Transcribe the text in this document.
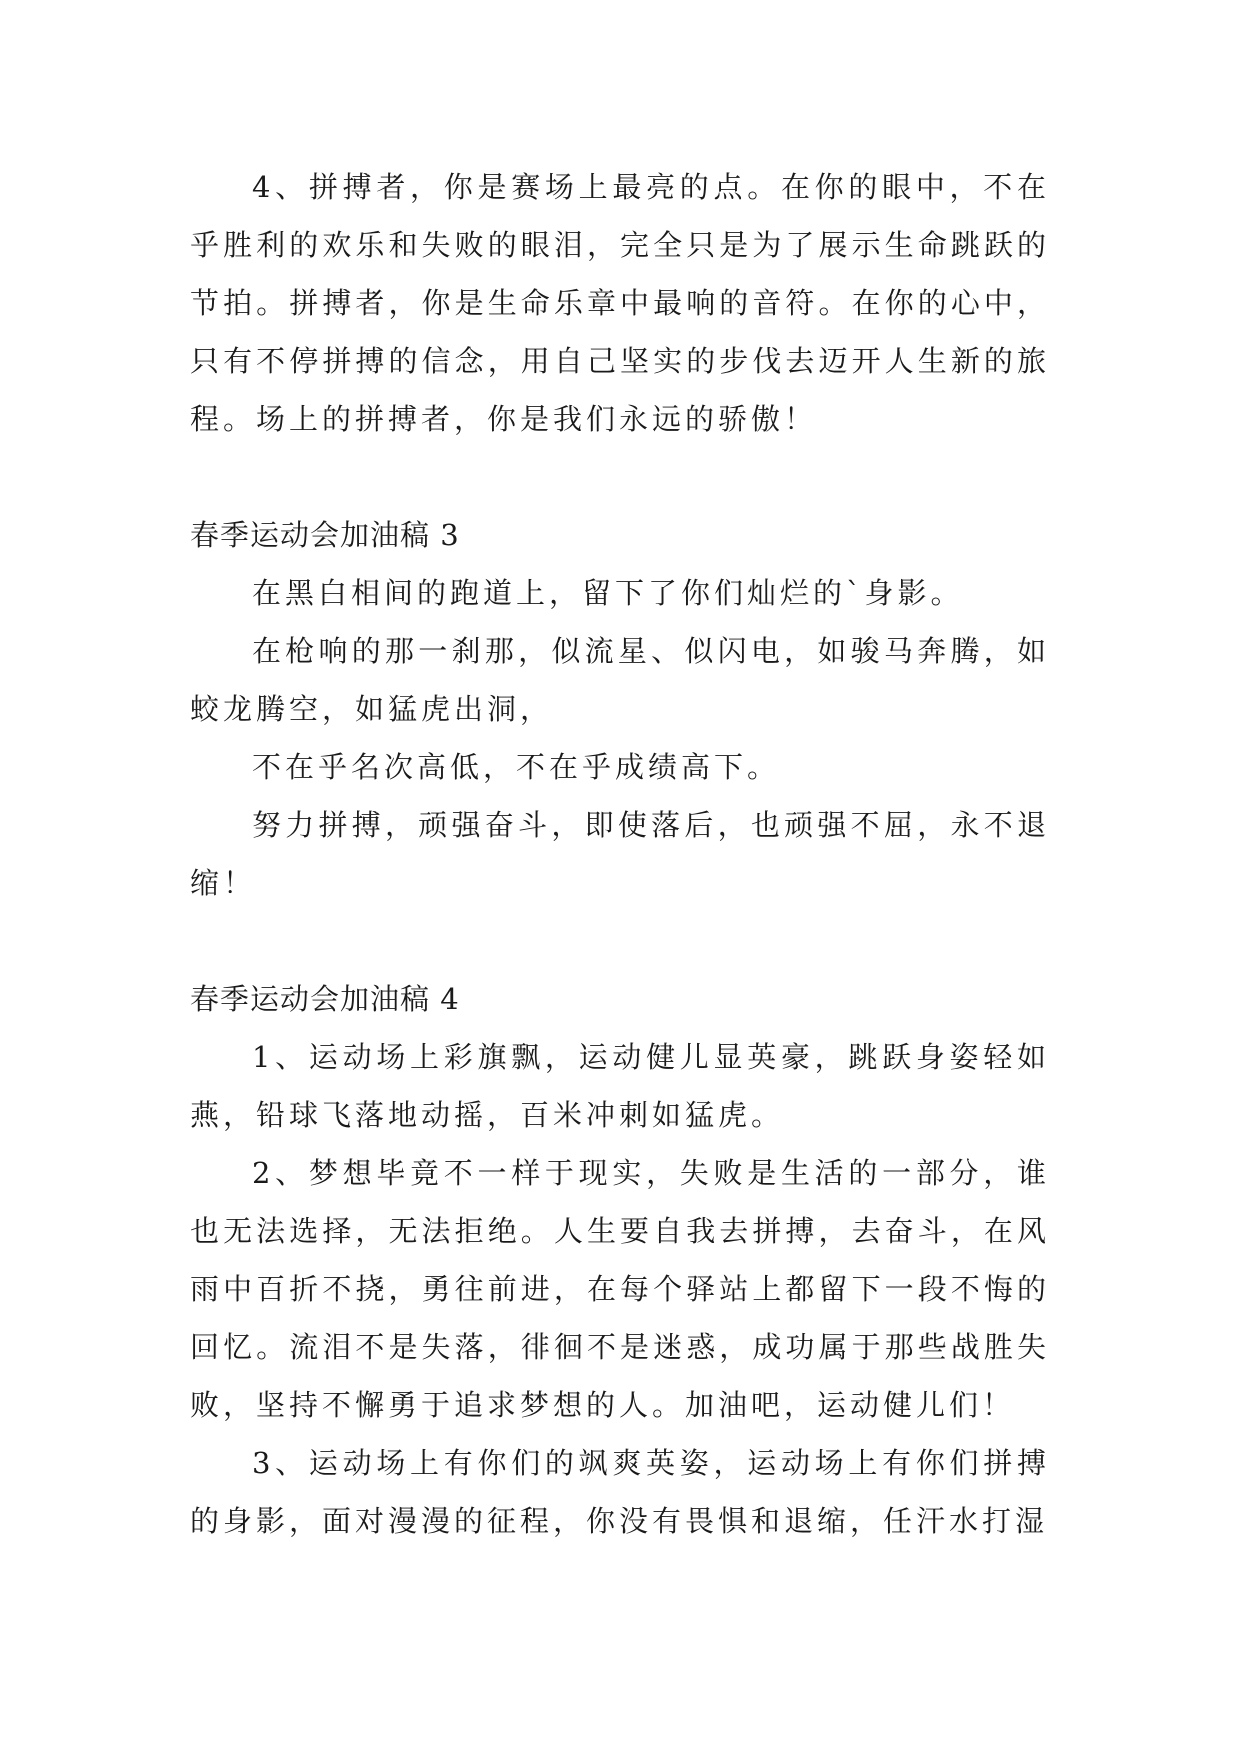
4、拼搏者，你是赛场上最亮的点。在你的眼中，不在乎胜利的欢乐和失败的眼泪，完全只是为了展示生命跳跃的节拍。拼搏者，你是生命乐章中最响的音符。在你的心中，只有不停拼搏的信念，用自己坚实的步伐去迈开人生新的旅程。场上的拼搏者，你是我们永远的骄傲！

春季运动会加油稿 3

在黑白相间的跑道上，留下了你们灿烂的`身影。

在枪响的那一刹那，似流星、似闪电，如骏马奔腾，如蛟龙腾空，如猛虎出洞，

不在乎名次高低，不在乎成绩高下。

努力拼搏，顽强奋斗，即使落后，也顽强不屈，永不退缩！

春季运动会加油稿 4

1、运动场上彩旗飘，运动健儿显英豪，跳跃身姿轻如燕，铅球飞落地动摇，百米冲刺如猛虎。

2、梦想毕竟不一样于现实，失败是生活的一部分，谁也无法选择，无法拒绝。人生要自我去拼搏，去奋斗，在风雨中百折不挠，勇往前进，在每个驿站上都留下一段不悔的回忆。流泪不是失落，徘徊不是迷惑，成功属于那些战胜失败，坚持不懈勇于追求梦想的人。加油吧，运动健儿们！

3、运动场上有你们的飒爽英姿，运动场上有你们拼搏的身影，面对漫漫的征程，你没有畏惧和退缩，任汗水打湿
